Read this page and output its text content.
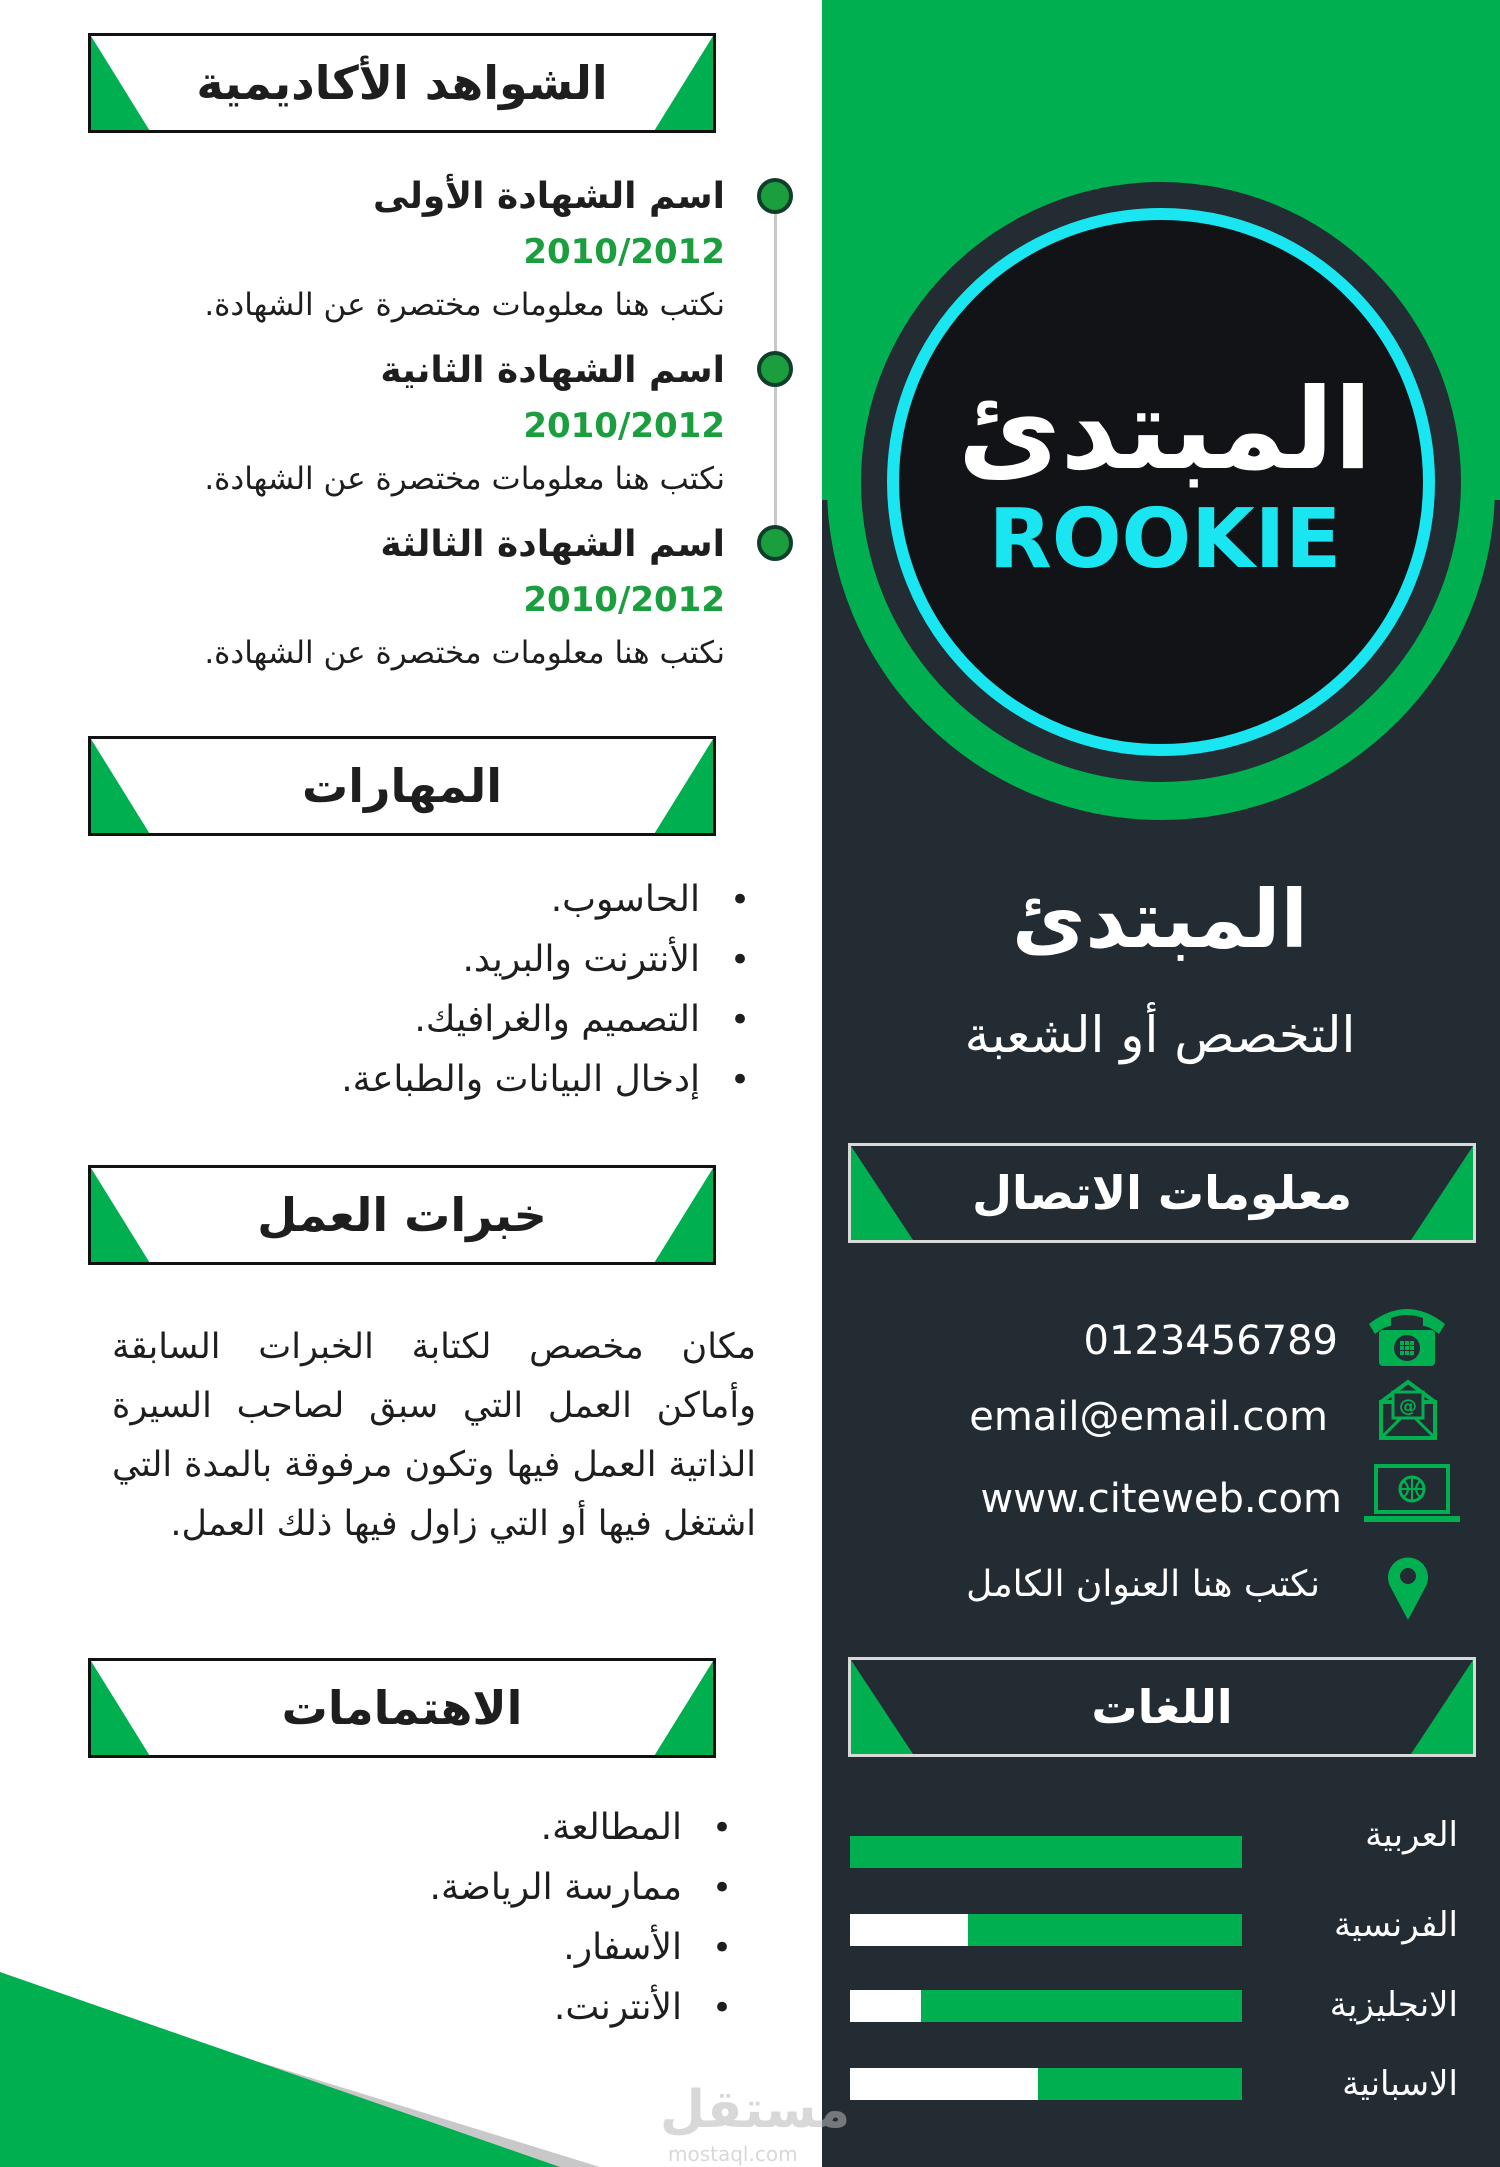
المبتدئ
ROOKIE
المبتدئ
التخصص أو الشعبة
معلومات الاتصال
0123456789
email@email.com	@
www.citeweb.com
نكتب هنا العنوان الكامل
اللغات
العربية
الفرنسية
الانجليزية
الاسبانية
الشواهد الأكاديمية
اسم الشهادة الأولى
2010/2012
نكتب هنا معلومات مختصرة عن الشهادة.
اسم الشهادة الثانية
2010/2012
نكتب هنا معلومات مختصرة عن الشهادة.
اسم الشهادة الثالثة
2010/2012
نكتب هنا معلومات مختصرة عن الشهادة.
المهارات
• الحاسوب.
• الأنترنت والبريد.
• التصميم والغرافيك.
• إدخال البيانات والطباعة.
خبرات العمل
مكان مخصص لكتابة الخبرات السابقة وأماكن العمل التي سبق لصاحب السيرة الذاتية العمل فيها وتكون مرفوقة بالمدة التي اشتغل فيها أو التي زاول فيها ذلك العمل.
الاهتمامات
• المطالعة.
• ممارسة الرياضة.
• الأسفار.
• الأنترنت.
مستقل
mostaql.com
